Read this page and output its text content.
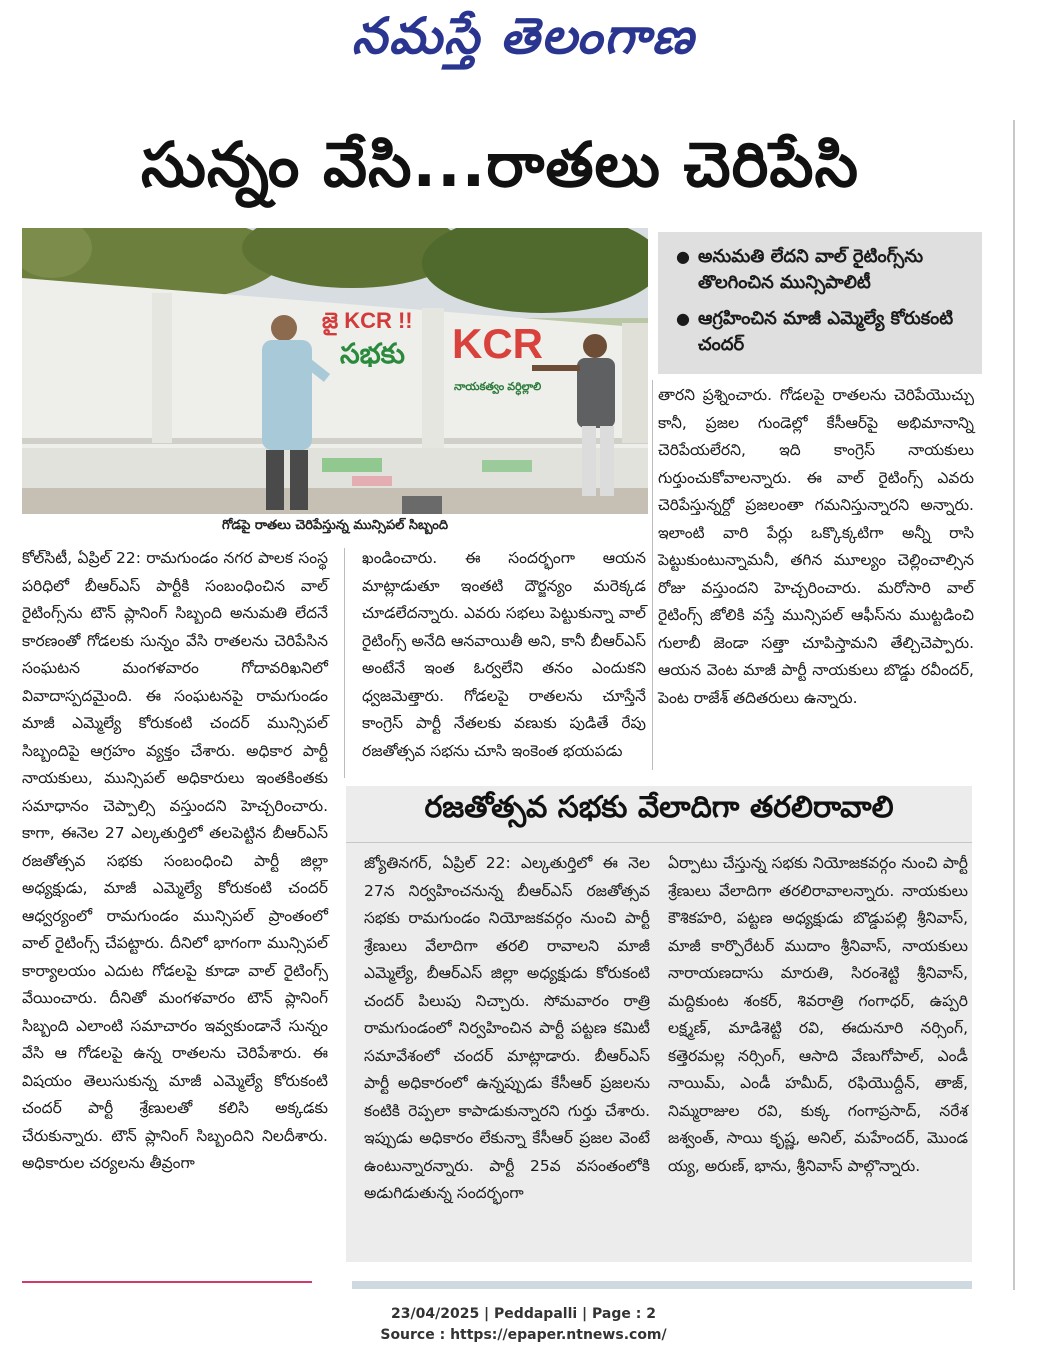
నమస్తే తెలంగాణ
సున్నం వేసి...రాతలు చెరిపేసి
జై KCR !!
సభకు KCR
నాయకత్వం వర్ధిల్లాలి
గోడపై రాతలు చెరిపేస్తున్న మున్సిపల్ సిబ్బంది
● అనుమతి లేదని వాల్ రైటింగ్స్‌ను తొలగించిన మున్సిపాలిటీ
● ఆగ్రహించిన మాజీ ఎమ్మెల్యే కోరుకంటి చందర్
కోల్‌సిటీ, ఏప్రిల్ 22: రామగుండం నగర పాలక సంస్థ పరిధిలో బీఆర్‌ఎస్ పార్టీకి సంబంధించిన వాల్ రైటింగ్స్‌ను టౌన్ ప్లానింగ్ సిబ్బంది అనుమతి లేదనే కారణంతో గోడలకు సున్నం వేసి రాతలను చెరిపేసిన సంఘటన మంగళవారం గోదావరిఖనిలో వివాదాస్పదమైంది. ఈ సంఘటనపై రామగుండం మాజీ ఎమ్మెల్యే కోరుకంటి చందర్ మున్సిపల్ సిబ్బందిపై ఆగ్రహం వ్యక్తం చేశారు. అధికార పార్టీ నాయకులు, మున్సిపల్ అధికారులు ఇంతకింతకు సమాధానం చెప్పాల్సి వస్తుందని హెచ్చరించారు. కాగా, ఈనెల 27 ఎల్కతుర్తిలో తలపెట్టిన బీఆర్‌ఎస్ రజతోత్సవ సభకు సంబంధించి పార్టీ జిల్లా అధ్యక్షుడు, మాజీ ఎమ్మెల్యే కోరుకంటి చందర్ ఆధ్వర్యంలో రామగుండం మున్సిపల్ ప్రాంతంలో వాల్ రైటింగ్స్ చేపట్టారు. దీనిలో భాగంగా మున్సిపల్ కార్యాలయం ఎదుట గోడలపై కూడా వాల్ రైటింగ్స్ వేయించారు. దీనితో మంగళవారం టౌన్ ప్లానింగ్ సిబ్బంది ఎలాంటి సమాచారం ఇవ్వకుండానే సున్నం వేసి ఆ గోడలపై ఉన్న రాతలను చెరిపేశారు. ఈ విషయం తెలుసుకున్న మాజీ ఎమ్మెల్యే కోరుకంటి చందర్ పార్టీ శ్రేణులతో కలిసి అక్కడకు చేరుకున్నారు. టౌన్ ప్లానింగ్ సిబ్బందిని నిలదీశారు. అధికారుల చర్యలను తీవ్రంగా
ఖండించారు. ఈ సందర్భంగా ఆయన మాట్లాడుతూ ఇంతటి దౌర్జన్యం మరెక్కడ చూడలేదన్నారు. ఎవరు సభలు పెట్టుకున్నా వాల్ రైటింగ్స్ అనేది ఆనవాయితీ అని, కానీ బీఆర్‌ఎస్ అంటేనే ఇంత ఓర్వలేని తనం ఎందుకని ధ్వజమెత్తారు. గోడలపై రాతలను చూస్తేనే కాంగ్రెస్ పార్టీ నేతలకు వణుకు పుడితే రేపు రజతోత్సవ సభను చూసి ఇంకెంత భయపడు
తారని ప్రశ్నించారు. గోడలపై రాతలను చెరిపేయొచ్చు కానీ, ప్రజల గుండెల్లో కేసీఆర్‌పై అభిమానాన్ని చెరిపేయలేరని, ఇది కాంగ్రెస్ నాయకులు గుర్తుంచుకోవాలన్నారు. ఈ వాల్ రైటింగ్స్ ఎవరు చెరిపేస్తున్నర్దో ప్రజలంతా గమనిస్తున్నారని అన్నారు. ఇలాంటి వారి పేర్లు ఒక్కొక్కటిగా అన్నీ రాసి పెట్టుకుంటున్నామనీ, తగిన మూల్యం చెల్లించాల్సిన రోజు వస్తుందని హెచ్చరించారు. మరోసారి వాల్ రైటింగ్స్ జోలికి వస్తే మున్సిపల్ ఆఫీస్‌ను ముట్టడించి గులాబీ జెండా సత్తా చూపిస్తామని తేల్చిచెప్పారు. ఆయన వెంట మాజీ పార్టీ నాయకులు బొడ్డు రవీందర్, పెంట రాజేశ్ తదితరులు ఉన్నారు.
రజతోత్సవ సభకు వేలాదిగా తరలిరావాలి
జ్యోతినగర్, ఏప్రిల్ 22: ఎల్కతుర్తిలో ఈ నెల 27న నిర్వహించనున్న బీఆర్‌ఎస్ రజతోత్సవ సభకు రామగుండం నియోజకవర్గం నుంచి పార్టీ శ్రేణులు వేలాదిగా తరలి రావాలని మాజీ ఎమ్మెల్యే, బీఆర్‌ఎస్ జిల్లా అధ్యక్షుడు కోరుకంటి చందర్ పిలుపు నిచ్చారు. సోమవారం రాత్రి రామగుండంలో నిర్వహించిన పార్టీ పట్టణ కమిటీ సమావేశంలో చందర్ మాట్లాడారు. బీఆర్‌ఎస్ పార్టీ అధికారంలో ఉన్నప్పుడు కేసీఆర్ ప్రజలను కంటికి రెప్పలా కాపాడుకున్నారని గుర్తు చేశారు. ఇప్పుడు అధికారం లేకున్నా కేసీఆర్ ప్రజల వెంటే ఉంటున్నారన్నారు. పార్టీ 25వ వసంతంలోకి అడుగిడుతున్న సందర్భంగా
ఏర్పాటు చేస్తున్న సభకు నియోజకవర్గం నుంచి పార్టీ శ్రేణులు వేలాదిగా తరలిరావాలన్నారు. నాయకులు కౌశికహరి, పట్టణ అధ్యక్షుడు బొడ్డుపల్లి శ్రీనివాస్, మాజీ కార్పొరేటర్ ముదాం శ్రీనివాస్, నాయకులు నారాయణదాసు మారుతి, సిరంశెట్టి శ్రీనివాస్, మద్దికుంట శంకర్, శివరాత్రి గంగాధర్, ఉప్పరి లక్ష్మణ్, మాడిశెట్టి రవి, ఈదునూరి నర్సింగ్, కత్తెరమల్ల నర్సింగ్, ఆసాది వేణుగోపాల్, ఎండీ నాయిమ్, ఎండీ హమీద్, రఫియొద్దీన్, తాజ్, నిమ్మరాజుల రవి, కుక్క గంగాప్రసాద్, నరేశ జశ్వంత్, సాయి కృష్ణ, అనిల్, మహేందర్, మొండ య్య, అరుణ్, భాను, శ్రీనివాస్ పాల్గొన్నారు.
23/04/2025 | Peddapalli | Page : 2
Source : https://epaper.ntnews.com/
